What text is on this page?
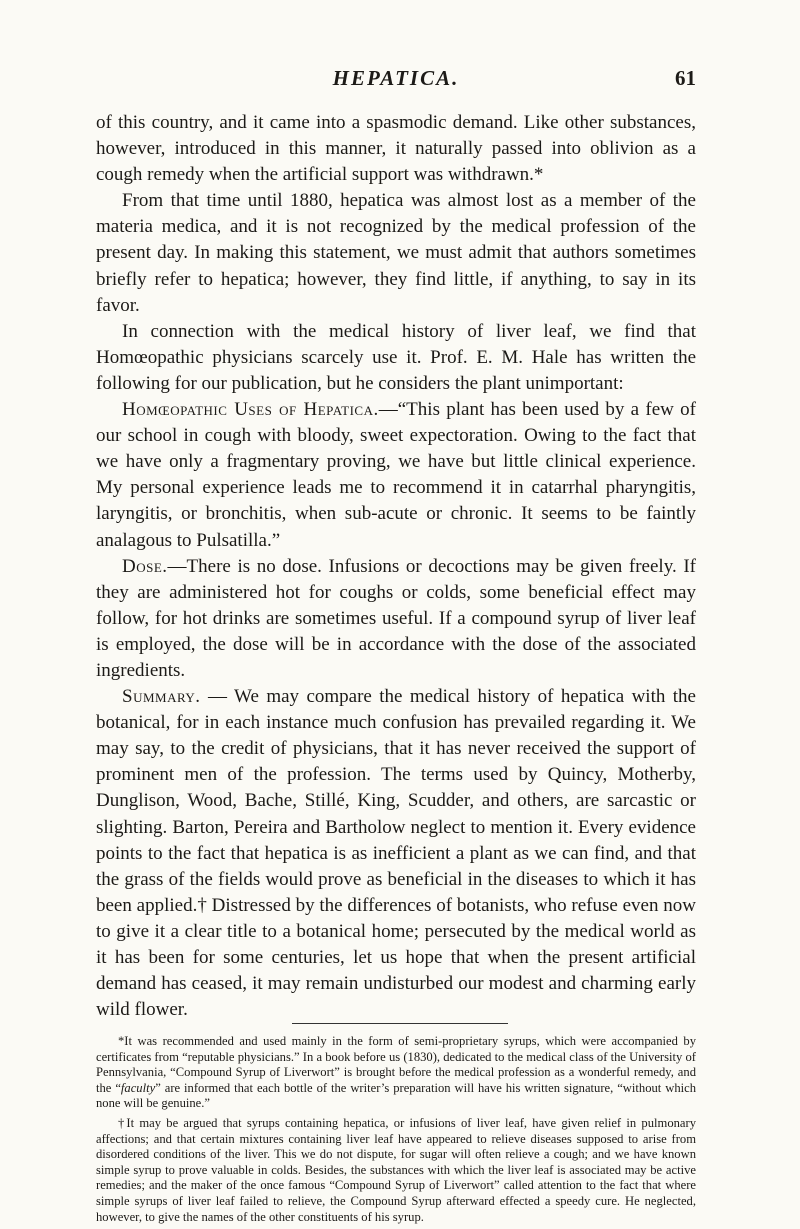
HEPATICA.	61

of this country, and it came into a spasmodic demand. Like other substances, however, introduced in this manner, it naturally passed into oblivion as a cough remedy when the artificial support was withdrawn.*

From that time until 1880, hepatica was almost lost as a member of the materia medica, and it is not recognized by the medical profession of the present day. In making this statement, we must admit that authors sometimes briefly refer to hepatica; however, they find little, if anything, to say in its favor.

In connection with the medical history of liver leaf, we find that Homœopathic physicians scarcely use it. Prof. E. M. Hale has written the following for our publication, but he considers the plant unimportant:

Homœopathic Uses of Hepatica.—“This plant has been used by a few of our school in cough with bloody, sweet expectoration. Owing to the fact that we have only a fragmentary proving, we have but little clinical experience. My personal experience leads me to recommend it in catarrhal pharyngitis, laryngitis, or bronchitis, when sub-acute or chronic. It seems to be faintly analagous to Pulsatilla.”

Dose.—There is no dose. Infusions or decoctions may be given freely. If they are administered hot for coughs or colds, some beneficial effect may follow, for hot drinks are sometimes useful. If a compound syrup of liver leaf is employed, the dose will be in accordance with the dose of the associated ingredients.

Summary. — We may compare the medical history of hepatica with the botanical, for in each instance much confusion has prevailed regarding it. We may say, to the credit of physicians, that it has never received the support of prominent men of the profession. The terms used by Quincy, Motherby, Dunglison, Wood, Bache, Stillé, King, Scudder, and others, are sarcastic or slighting. Barton, Pereira and Bartholow neglect to mention it. Every evidence points to the fact that hepatica is as inefficient a plant as we can find, and that the grass of the fields would prove as beneficial in the diseases to which it has been applied.† Distressed by the differences of botanists, who refuse even now to give it a clear title to a botanical home; persecuted by the medical world as it has been for some centuries, let us hope that when the present artificial demand has ceased, it may remain undisturbed our modest and charming early wild flower.

*It was recommended and used mainly in the form of semi-proprietary syrups, which were accompanied by certificates from “reputable physicians.” In a book before us (1830), dedicated to the medical class of the University of Pennsylvania, “Compound Syrup of Liverwort” is brought before the medical profession as a wonderful remedy, and the “faculty” are informed that each bottle of the writer’s preparation will have his written signature, “without which none will be genuine.”

†It may be argued that syrups containing hepatica, or infusions of liver leaf, have given relief in pulmonary affections; and that certain mixtures containing liver leaf have appeared to relieve diseases supposed to arise from disordered conditions of the liver. This we do not dispute, for sugar will often relieve a cough; and we have known simple syrup to prove valuable in colds. Besides, the substances with which the liver leaf is associated may be active remedies; and the maker of the once famous “Compound Syrup of Liverwort” called attention to the fact that where simple syrups of liver leaf failed to relieve, the Compound Syrup afterward effected a speedy cure. He neglected, however, to give the names of the other constituents of his syrup.
